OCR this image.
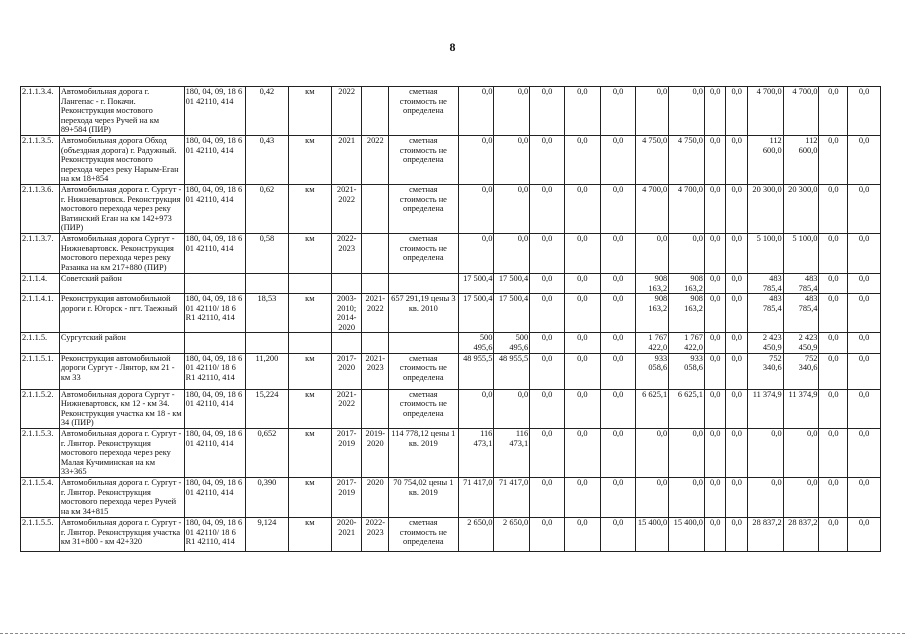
8
2.1.1.3.4.	Автомобильная дорога г. Лангепас - г. Покачи. Реконструкция мостового перехода через Ручей на км 89+584 (ПИР)	180, 04, 09, 18 6 01 42110, 414	0,42	км	2022		сметная стоимость не определена	0,0	0,0	0,0	0,0	0,0	0,0	0,0	0,0	0,0	4 700,0	4 700,0	0,0	0,0
2.1.1.3.5.	Автомобильная дорога Обход (объездная дорога) г. Радужный. Реконструкция мостового перехода через реку Нарым-Еган на км 18+854	180, 04, 09, 18 6 01 42110, 414	0,43	км	2021	2022	сметная стоимость не определена	0,0	0,0	0,0	0,0	0,0	4 750,0	4 750,0	0,0	0,0	112 600,0	112 600,0	0,0	0,0
2.1.1.3.6.	Автомобильная дорога г. Сургут - г. Нижневартовск. Реконструкция мостового перехода через реку Ватинский Еган на км 142+973 (ПИР)	180, 04, 09, 18 6 01 42110, 414	0,62	км	2021-2022		сметная стоимость не определена	0,0	0,0	0,0	0,0	0,0	4 700,0	4 700,0	0,0	0,0	20 300,0	20 300,0	0,0	0,0
2.1.1.3.7.	Автомобильная дорога Сургут - Нижневартовск. Реконструкция мостового перехода через реку Разанка на км 217+880 (ПИР)	180, 04, 09, 18 6 01 42110, 414	0,58	км	2022-2023		сметная стоимость не определена	0,0	0,0	0,0	0,0	0,0	0,0	0,0	0,0	0,0	5 100,0	5 100,0	0,0	0,0
2.1.1.4.	Советский район							17 500,4	17 500,4	0,0	0,0	0,0	908 163,2	908 163,2	0,0	0,0	483 785,4	483 785,4	0,0	0,0
2.1.1.4.1.	Реконструкция автомобильной дороги г. Югорск - пгт. Таежный	180, 04, 09, 18 6 01 42110/ 18 6 R1 42110, 414	18,53	км	2003-2010; 2014-2020	2021-2022	657 291,19 цены 3 кв. 2010	17 500,4	17 500,4	0,0	0,0	0,0	908 163,2	908 163,2	0,0	0,0	483 785,4	483 785,4	0,0	0,0
2.1.1.5.	Сургутский район							500 495,6	500 495,6	0,0	0,0	0,0	1 767 422,0	1 767 422,0	0,0	0,0	2 423 450,9	2 423 450,9	0,0	0,0
2.1.1.5.1.	Реконструкция автомобильной дороги Сургут - Лянтор, км 21 - км 33	180, 04, 09, 18 6 01 42110/ 18 6 R1 42110, 414	11,200	км	2017-2020	2021-2023	сметная стоимость не определена	48 955,5	48 955,5	0,0	0,0	0,0	933 058,6	933 058,6	0,0	0,0	752 340,6	752 340,6	0,0	0,0
2.1.1.5.2.	Автомобильная дорога Сургут - Нижневартовск, км 12 - км 34. Реконструкция участка км 18 - км 34 (ПИР)	180, 04, 09, 18 6 01 42110, 414	15,224	км	2021-2022		сметная стоимость не определена	0,0	0,0	0,0	0,0	0,0	6 625,1	6 625,1	0,0	0,0	11 374,9	11 374,9	0,0	0,0
2.1.1.5.3.	Автомобильная дорога г. Сургут - г. Лянтор. Реконструкция мостового перехода через реку Малая Кучиминская на км 33+365	180, 04, 09, 18 6 01 42110, 414	0,652	км	2017-2019	2019-2020	114 778,12 цены 1 кв. 2019	116 473,1	116 473,1	0,0	0,0	0,0	0,0	0,0	0,0	0,0	0,0	0,0	0,0	0,0
2.1.1.5.4.	Автомобильная дорога г. Сургут - г. Лянтор. Реконструкция мостового перехода через Ручей на км 34+815	180, 04, 09, 18 6 01 42110, 414	0,390	км	2017-2019	2020	70 754,02 цены 1 кв. 2019	71 417,0	71 417,0	0,0	0,0	0,0	0,0	0,0	0,0	0,0	0,0	0,0	0,0	0,0
2.1.1.5.5.	Автомобильная дорога г. Сургут - г. Лянтор. Реконструкция участка км 31+800 - км 42+320	180, 04, 09, 18 6 01 42110/ 18 6 R1 42110, 414	9,124	км	2020-2021	2022-2023	сметная стоимость не определена	2 650,0	2 650,0	0,0	0,0	0,0	15 400,0	15 400,0	0,0	0,0	28 837,2	28 837,2	0,0	0,0
